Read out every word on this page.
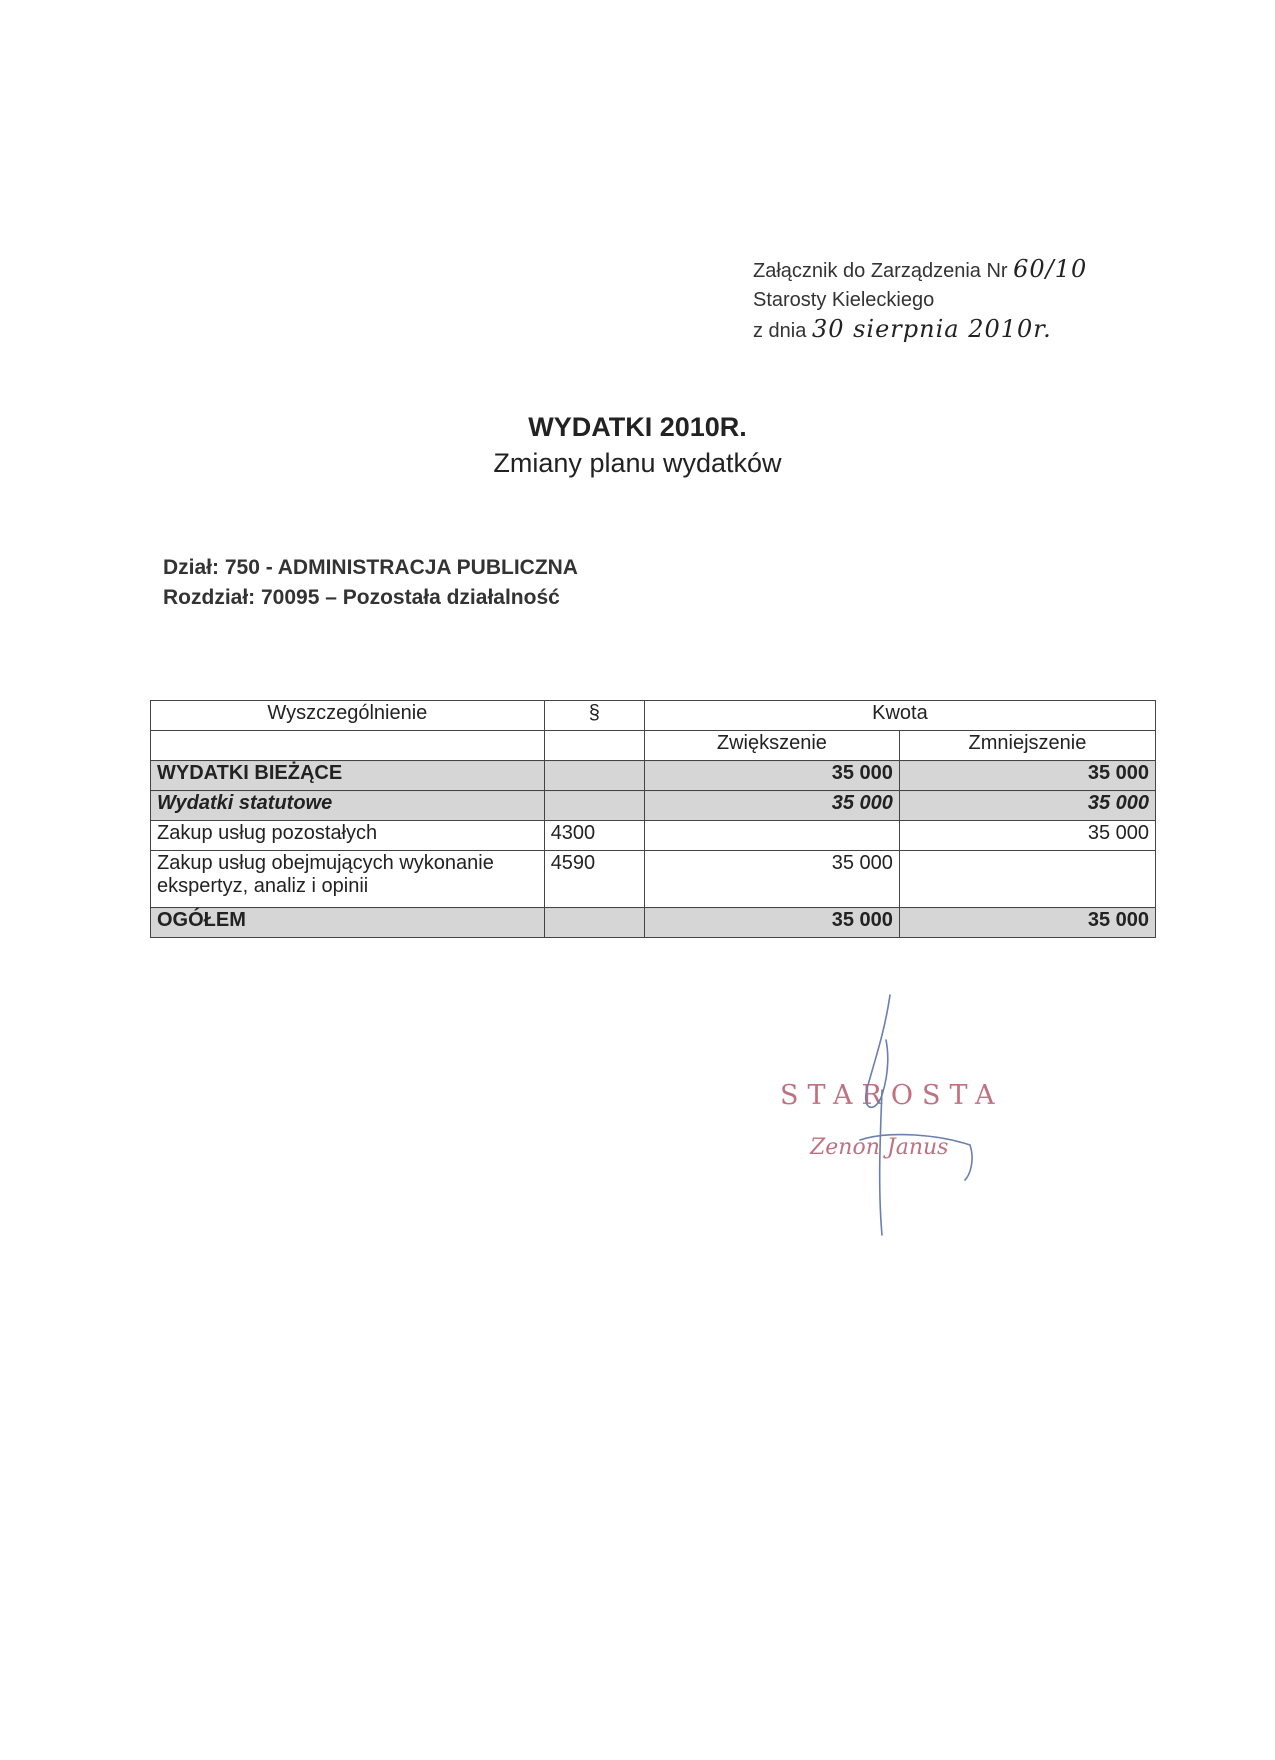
Załącznik do Zarządzenia Nr 60/10
Starosty Kieleckiego
z dnia 30 sierpnia 2010r.
WYDATKI 2010R.
Zmiany planu wydatków
Dział: 750 - ADMINISTRACJA PUBLICZNA
Rozdział: 70095 – Pozostała działalność
Wyszczególnienie	§	Kwota	
		Zwiększenie	Zmniejszenie
WYDATKI BIEŻĄCE		35 000	35 000
Wydatki statutowe		35 000	35 000
Zakup usług pozostałych	4300		35 000
Zakup usług obejmujących wykonanie ekspertyz, analiz i opinii	4590	35 000	
OGÓŁEM		35 000	35 000
STAROSTA
Zenon Janus
